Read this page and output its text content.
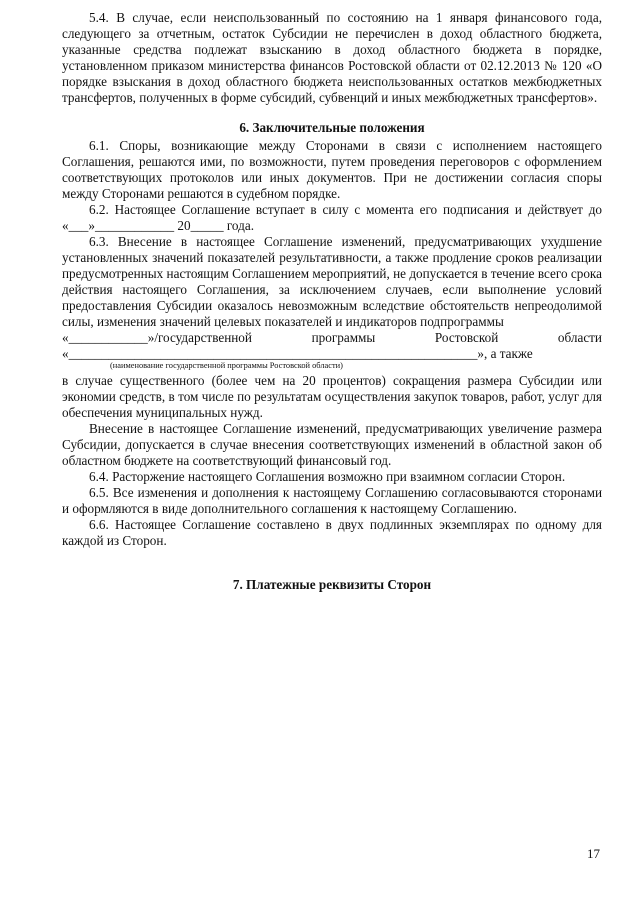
5.4. В случае, если неиспользованный по состоянию на 1 января финансового года, следующего за отчетным, остаток Субсидии не перечислен в доход областного бюджета, указанные средства подлежат взысканию в доход областного бюджета в порядке, установленном приказом министерства финансов Ростовской области от 02.12.2013 № 120 «О порядке взыскания в доход областного бюджета неиспользованных остатков межбюджетных трансфертов, полученных в форме субсидий, субвенций и иных межбюджетных трансфертов».

6. Заключительные положения

6.1. Споры, возникающие между Сторонами в связи с исполнением настоящего Соглашения, решаются ими, по возможности, путем проведения переговоров с оформлением соответствующих протоколов или иных документов. При не достижении согласия споры между Сторонами решаются в судебном порядке.

6.2. Настоящее Соглашение вступает в силу с момента его подписания и действует до «___»____________ 20_____ года.

6.3. Внесение в настоящее Соглашение изменений, предусматривающих ухудшение установленных значений показателей результативности, а также продление сроков реализации предусмотренных настоящим Соглашением мероприятий, не допускается в течение всего срока действия настоящего Соглашения, за исключением случаев, если выполнение условий предоставления Субсидии оказалось невозможным вследствие обстоятельств непреодолимой силы, изменения значений целевых показателей и индикаторов подпрограммы

«____________»/государственной	программы	Ростовской	области

«______________________________________________________________», а также

(наименование государственной программы Ростовской области)

в случае существенного (более чем на 20 процентов) сокращения размера Субсидии или экономии средств, в том числе по результатам осуществления закупок товаров, работ, услуг для обеспечения муниципальных нужд.

Внесение в настоящее Соглашение изменений, предусматривающих увеличение размера Субсидии, допускается в случае внесения соответствующих изменений в областной закон об областном бюджете на соответствующий финансовый год.

6.4. Расторжение настоящего Соглашения возможно при взаимном согласии Сторон.

6.5. Все изменения и дополнения к настоящему Соглашению согласовываются сторонами и оформляются в виде дополнительного соглашения к настоящему Соглашению.

6.6. Настоящее Соглашение составлено в двух подлинных экземплярах по одному для каждой из Сторон.

7. Платежные реквизиты Сторон

17
